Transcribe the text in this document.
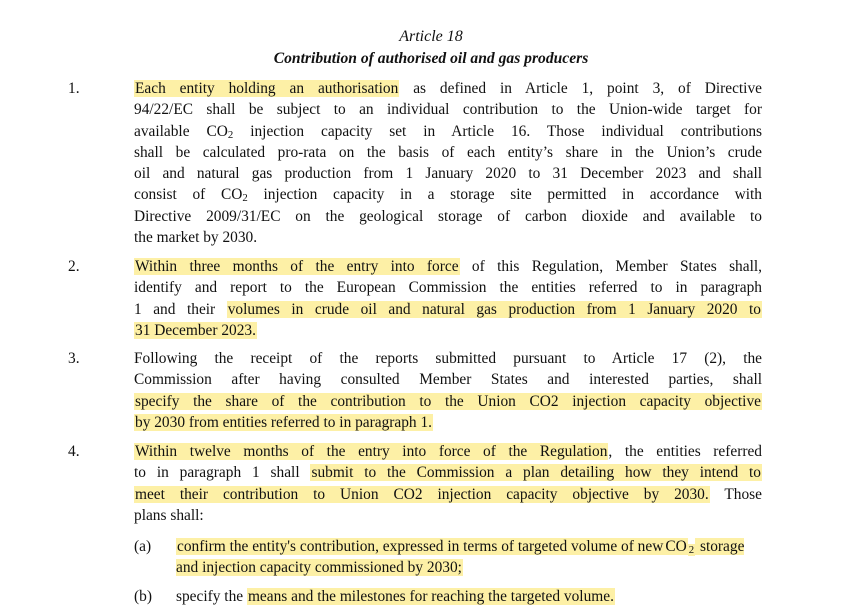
Article 18
Contribution of authorised oil and gas producers
1.	Each entity holding an authorisation as defined in Article 1, point 3, of Directive
94/22/EC shall be subject to an individual contribution to the Union-wide target for
available $CO_2$ injection capacity set in Article 16. Those individual contributions
shall be calculated pro-rata on the basis of each entity’s share in the Union’s crude
oil and natural gas production from 1 January 2020 to 31 December 2023 and shall
consist of $CO_2$ injection capacity in a storage site permitted in accordance with
Directive 2009/31/EC on the geological storage of carbon dioxide and available to
the market by 2030.
2.	Within three months of the entry into force of this Regulation, Member States shall,
identify and report to the European Commission the entities referred to in paragraph
1 and their volumes in crude oil and natural gas production from 1 January 2020 to
31 December 2023.
3.	Following the receipt of the reports submitted pursuant to Article 17 (2), the
Commission after having consulted Member States and interested parties, shall
specify the share of the contribution to the Union CO2 injection capacity objective
by 2030 from entities referred to in paragraph 1.
4.	Within twelve months of the entry into force of the Regulation, the entities referred
to in paragraph 1 shall submit to the Commission a plan detailing how they intend to
meet their contribution to Union CO2 injection capacity objective by 2030. Those
plans shall:
(a) confirm the entity's contribution, expressed in terms of targeted volume of new CO $_2$ storage and injection capacity commissioned by 2030;
(b) specify the means and the milestones for reaching the targeted volume.
